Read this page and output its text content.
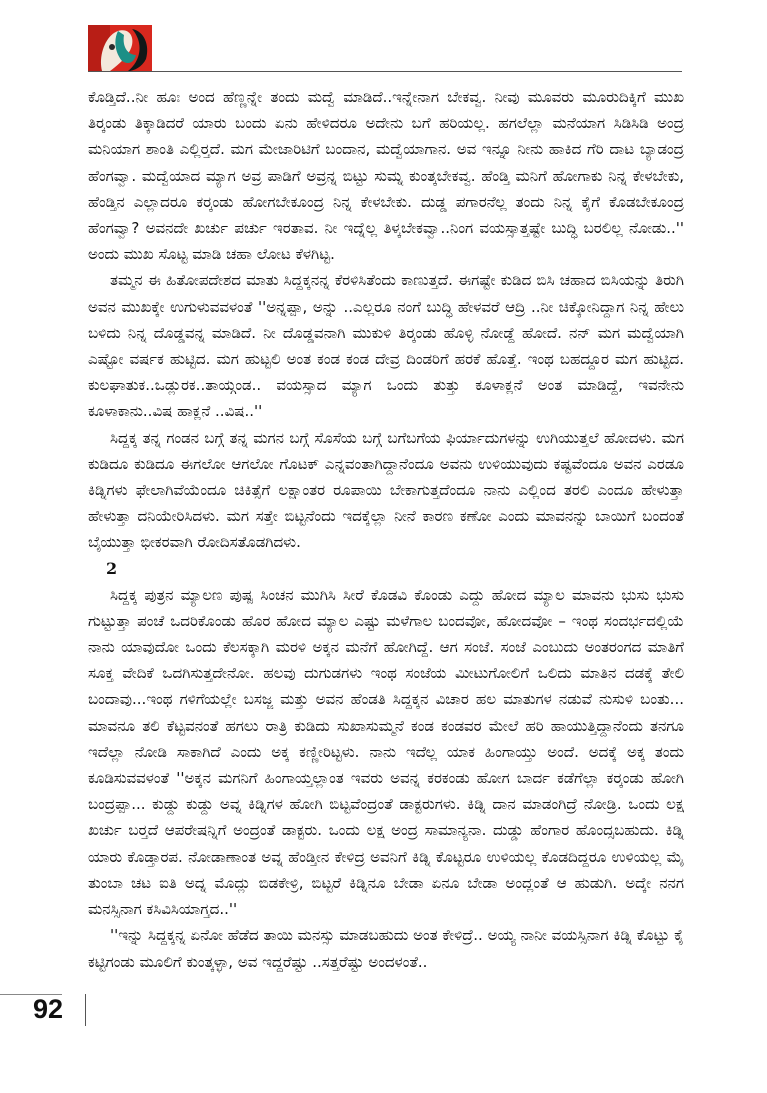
ಕೊಡ್ತಿದೆ..ನೀ ಹೂಃ ಅಂದ ಹೆಣ್ಣನ್ನೇ ತಂದು ಮದ್ವೆ ಮಾಡಿದೆ..ಇನ್ನೇನಾಗ ಬೇಕವ್ವ. ನೀವು ಮೂವರು ಮೂರುದಿಕ್ಕಿಗೆ ಮುಖ ತಿರ್‍ಕಂಡು ತಿಕ್ಕಾಡಿದರೆ ಯಾರು ಬಂದು ಏನು ಹೇಳಿದರೂ ಅದೇನು ಬಗೆ ಹರಿಯಲ್ಲ. ಹಗಲೆಲ್ಲಾ ಮನೆಯಾಗ ಸಿಡಿಸಿಡಿ ಅಂದ್ರ ಮನಿಯಾಗ ಶಾಂತಿ ಎಲ್ಲಿರ್‍ತದೆ. ಮಗ ಮೇಜಾರಿಟಿಗೆ ಬಂದಾನ, ಮದ್ವೆಯಾಗಾನ. ಅವ ಇನ್ನೂ ನೀನು ಹಾಕಿದ ಗೆರಿ ದಾಟ ಬ್ಯಾಡಂದ್ರ ಹೆಂಗವ್ವಾ. ಮದ್ವೆಯಾದ ಮ್ಯಾಗ ಅವ್ರ ಪಾಡಿಗೆ ಅವ್ರನ್ನ ಬಿಟ್ಟು ಸುಮ್ನ ಕುಂತ್ಕಬೇಕವ್ವ. ಹೆಂಡ್ತಿ ಮನಿಗೆ ಹೋಗಾಕು ನಿನ್ನ ಕೇಳಬೇಕು, ಹೆಂಡ್ತಿನ ಎಲ್ಲಾದರೂ ಕರ್‍ಕಂಡು ಹೋಗಬೇಕೂಂದ್ರ ನಿನ್ನ ಕೇಳಬೇಕು. ದುಡ್ಡ ಪಗಾರನೆಲ್ಲ ತಂದು ನಿನ್ನ ಕೈಗೆ ಕೊಡಬೇಕೂಂದ್ರ ಹೆಂಗವ್ವಾ? ಅವನದೇ ಖರ್ಚು ಪರ್ಚು ಇರತಾವ. ನೀ ಇದ್ನೆಲ್ಲ ತಿಳ್ಕಬೇಕವ್ವಾ..ನಿಂಗ ವಯಸ್ಸಾತ್ತಷ್ಟೇ ಬುದ್ಧಿ ಬರಲಿಲ್ಲ ನೋಡು..'' ಅಂದು ಮುಖ ಸೊಟ್ಟ ಮಾಡಿ ಚಹಾ ಲೋಟ ಕೆಳಗಿಟ್ಟ.

ತಮ್ಮನ ಈ ಹಿತೋಪದೇಶದ ಮಾತು ಸಿದ್ದಕ್ಕನನ್ನ ಕೆರಳಿಸಿತೆಂದು ಕಾಣುತ್ತದೆ. ಈಗಷ್ಟೇ ಕುಡಿದ ಬಿಸಿ ಚಹಾದ ಬಿಸಿಯನ್ನು ತಿರುಗಿ ಅವನ ಮುಖಕ್ಕೇ ಉಗುಳುವವಳಂತೆ ''ಅನ್ನಪ್ಪಾ, ಅನ್ನು ..ಎಲ್ಲರೂ ನಂಗೆ ಬುದ್ಧಿ ಹೇಳವರೆ ಆದ್ರಿ ..ನೀ ಚಿಕ್ಕೋನಿದ್ದಾಗ ನಿನ್ನ ಹೇಲು ಬಳಿದು ನಿನ್ನ ದೊಡ್ಡವನ್ನ ಮಾಡಿದೆ. ನೀ ದೊಡ್ಡವನಾಗಿ ಮುಕುಳಿ ತಿರ್‍ಕಂಡು ಹೊಳ್ಳಿ ನೋಡ್ದೆ ಹೋದೆ. ನನ್ ಮಗ ಮದ್ವೆಯಾಗಿ ಎಷ್ಟೋ ವರ್ಷಕ ಹುಟ್ಟಿದ. ಮಗ ಹುಟ್ಟಲಿ ಅಂತ ಕಂಡ ಕಂಡ ದೇವ್ರ ದಿಂಡರಿಗೆ ಹರಕೆ ಹೊತ್ತೆ. ಇಂಥ ಬಹದ್ದೂರ ಮಗ ಹುಟ್ಟಿದ. ಕುಲಘಾತುಕ..ಒಡ್ಲುರಕ..ತಾಯ್ಗಂಡ.. ವಯಸ್ಸಾದ ಮ್ಯಾಗ ಒಂದು ತುತ್ತು ಕೂಳಾಕ್ಲನೆ ಅಂತ ಮಾಡಿದ್ದೆ, ಇವನೇನು ಕೂಳಾಕಾನು..ವಿಷ ಹಾಕ್ಲನೆ ..ವಿಷ..''

ಸಿದ್ದಕ್ಕ ತನ್ನ ಗಂಡನ ಬಗ್ಗೆ ತನ್ನ ಮಗನ ಬಗ್ಗೆ ಸೊಸೆಯ ಬಗ್ಗೆ ಬಗೆಬಗೆಯ ಫಿರ್ಯಾದುಗಳನ್ನು ಉಗಿಯುತ್ತಲೆ ಹೋದಳು. ಮಗ ಕುಡಿದೂ ಕುಡಿದೂ ಈಗಲೋ ಆಗಲೋ ಗೊಟಕ್ ಎನ್ನವಂತಾಗಿದ್ದಾನೆಂದೂ ಅವನು ಉಳಿಯುವುದು ಕಷ್ಟವೆಂದೂ ಅವನ ಎರಡೂ ಕಿಡ್ನಿಗಳು ಫೇಲಾಗಿವೆಯೆಂದೂ ಚಿಕಿತ್ಸೆಗೆ ಲಕ್ಷಾಂತರ ರೂಪಾಯಿ ಬೇಕಾಗುತ್ತದೆಂದೂ ನಾನು ಎಲ್ಲಿಂದ ತರಲಿ ಎಂದೂ ಹೇಳುತ್ತಾ ಹೇಳುತ್ತಾ ದನಿಯೇರಿಸಿದಳು. ಮಗ ಸತ್ತೇ ಬಿಟ್ಟನೆಂದು ಇದಕ್ಕೆಲ್ಲಾ ನೀನೆ ಕಾರಣ ಕಣೋ ಎಂದು ಮಾವನನ್ನು ಬಾಯಿಗೆ ಬಂದಂತೆ ಬೈಯುತ್ತಾ ಭೀಕರವಾಗಿ ರೋದಿಸತೊಡಗಿದಳು.

2

ಸಿದ್ದಕ್ಕ ಪುತ್ರನ ಮ್ಯಾಲಣ ಪುಷ್ಪ ಸಿಂಚನ ಮುಗಿಸಿ ಸೀರೆ ಕೊಡವಿ ಕೊಂಡು ಎದ್ದು ಹೋದ ಮ್ಯಾಲ ಮಾವನು ಭುಸು ಭುಸು ಗುಟ್ಟುತ್ತಾ ಪಂಚೆ ಒದರಿಕೊಂಡು ಹೊರ ಹೋದ ಮ್ಯಾಲ ಎಷ್ಟು ಮಳೆಗಾಲ ಬಂದವೋ, ಹೋದವೋ – ಇಂಥ ಸಂದರ್ಭದಲ್ಲಿಯೆ ನಾನು ಯಾವುದೋ ಒಂದು ಕೆಲಸಕ್ಕಾಗಿ ಮರಳಿ ಅಕ್ಕನ ಮನೆಗೆ ಹೋಗಿದ್ದೆ. ಆಗ ಸಂಜೆ. ಸಂಜೆ ಎಂಬುದು ಅಂತರಂಗದ ಮಾತಿಗೆ ಸೂಕ್ತ ವೇದಿಕೆ ಒದಗಿಸುತ್ತದೇನೋ. ಹಲವು ದುಗುಡಗಳು ಇಂಥ ಸಂಜೆಯ ಮೀಟುಗೋಲಿಗೆ ಒಲಿದು ಮಾತಿನ ದಡಕ್ಕೆ ತೇಲಿ ಬಂದಾವು...ಇಂಥ ಗಳಿಗೆಯಲ್ಲೇ ಬಸಜ್ಜ ಮತ್ತು ಅವನ ಹೆಂಡತಿ ಸಿದ್ದಕ್ಕನ ವಿಚಾರ ಹಲ ಮಾತುಗಳ ನಡುವೆ ನುಸುಳಿ ಬಂತು... ಮಾವನೂ ತಲಿ ಕೆಟ್ಟವನಂತೆ ಹಗಲು ರಾತ್ರಿ ಕುಡಿದು ಸುಖಾಸುಮ್ಮನೆ ಕಂಡ ಕಂಡವರ ಮೇಲೆ ಹರಿ ಹಾಯುತ್ತಿದ್ದಾನೆಂದು ತನಗೂ ಇದೆಲ್ಲಾ ನೋಡಿ ಸಾಕಾಗಿದೆ ಎಂದು ಅಕ್ಕ ಕಣ್ಣೀರಿಟ್ಟಳು. ನಾನು ಇದೆಲ್ಲ ಯಾಕ ಹಿಂಗಾಯ್ತು ಅಂದೆ. ಅದಕ್ಕೆ ಅಕ್ಕ ತಂದು ಕೂಡಿಸುವವಳಂತೆ ''ಅಕ್ಕನ ಮಗನಿಗೆ ಹಿಂಗಾಯ್ತಲ್ಲಾಂತ ಇವರು ಅವನ್ನ ಕರಕಂಡು ಹೋಗ ಬಾರ್ದ ಕಡೆಗೆಲ್ಲಾ ಕರ್‍ಕಂಡು ಹೋಗಿ ಬಂದ್ರಪ್ಪಾ... ಕುಡ್ದು ಕುಡ್ದು ಅವ್ನ ಕಿಡ್ನಿಗಳ ಹೋಗಿ ಬಿಟ್ಟವೆಂದ್ರಂತೆ ಡಾಕ್ಟರುಗಳು. ಕಿಡ್ನಿ ದಾನ ಮಾಡಂಗಿದ್ರೆ ನೋಡ್ರಿ. ಒಂದು ಲಕ್ಷ ಖರ್ಚು ಬರ್‍ತದೆ ಆಪರೇಷನ್ನಿಗೆ ಅಂದ್ರಂತೆ ಡಾಕ್ಟರು. ಒಂದು ಲಕ್ಷ ಅಂದ್ರ ಸಾಮಾನ್ಯನಾ. ದುಡ್ಡು ಹೆಂಗಾರ ಹೊಂದ್ಸಬಹುದು. ಕಿಡ್ನಿ ಯಾರು ಕೊಡ್ತಾರಪ. ನೋಡಾಣಾಂತ ಅವ್ನ ಹೆಂಡ್ತೀನ ಕೇಳಿದ್ರ ಅವನಿಗೆ ಕಿಡ್ನಿ ಕೊಟ್ಟರೂ ಉಳಿಯಲ್ಲ ಕೊಡದಿದ್ದರೂ ಉಳಿಯಲ್ಲ ಮೈ ತುಂಬಾ ಚಟ ಐತಿ ಅದ್ನ ಮೊದ್ಲು ಬಿಡಕೇಳ್ರಿ, ಬಿಟ್ಟರೆ ಕಿಡ್ನಿನೂ ಬೇಡಾ ಏನೂ ಬೇಡಾ ಅಂದ್ಲಂತೆ ಆ ಹುಡುಗಿ. ಅದ್ಕೇ ನನಗ ಮನಸ್ಸಿನಾಗ ಕಸಿವಿಸಿಯಾಗ್ತದ..''

''ಇನ್ನು ಸಿದ್ದಕ್ಕನ್ನ ಏನೋ ಹೆಡೆದ ತಾಯಿ ಮನಸ್ಸು ಮಾಡಬಹುದು ಅಂತ ಕೇಳಿದ್ರೆ.. ಅಯ್ಯ ನಾನೀ ವಯಸ್ಸಿನಾಗ ಕಿಡ್ನಿ ಕೊಟ್ಟು ಕೈ ಕಟ್ಟಿಗಂಡು ಮೂಲಿಗೆ ಕುಂತ್ಕಳ್ಳಾ, ಅವ ಇದ್ದರೆಷ್ಟು ..ಸತ್ತರೆಷ್ಟು ಅಂದಳಂತೆ..

92
